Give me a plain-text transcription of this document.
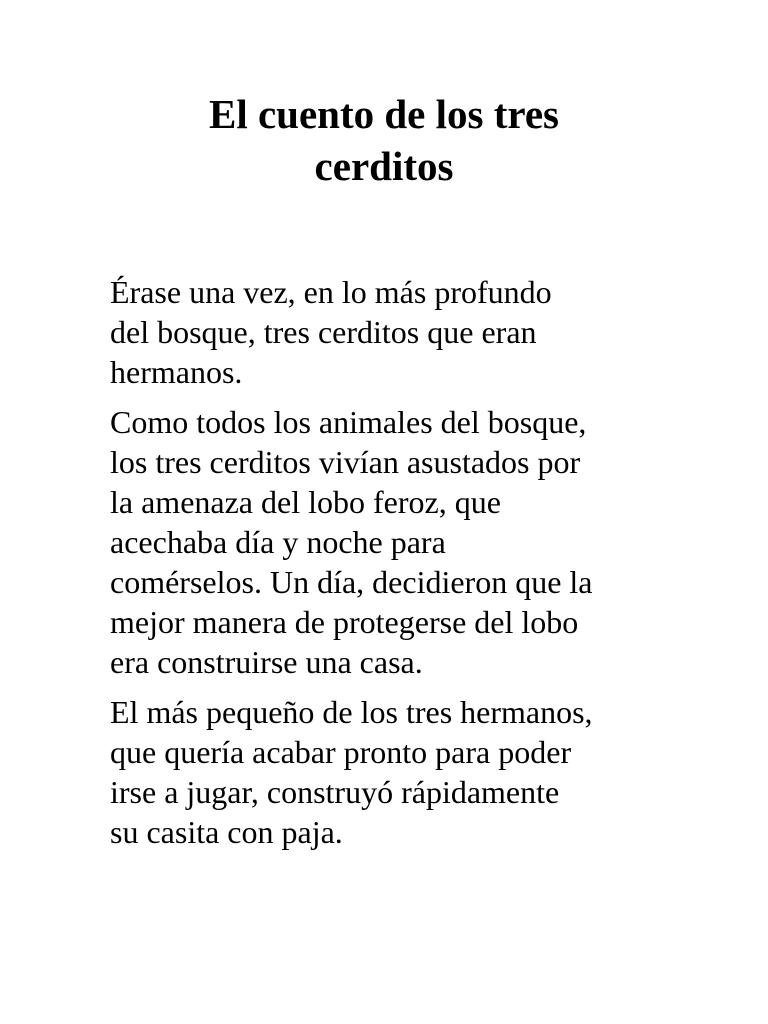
El cuento de los tres
cerditos

Érase una vez, en lo más profundo
del bosque, tres cerditos que eran
hermanos.

Como todos los animales del bosque,
los tres cerditos vivían asustados por
la amenaza del lobo feroz, que
acechaba día y noche para
comérselos. Un día, decidieron que la
mejor manera de protegerse del lobo
era construirse una casa.

El más pequeño de los tres hermanos,
que quería acabar pronto para poder
irse a jugar, construyó rápidamente
su casita con paja.
